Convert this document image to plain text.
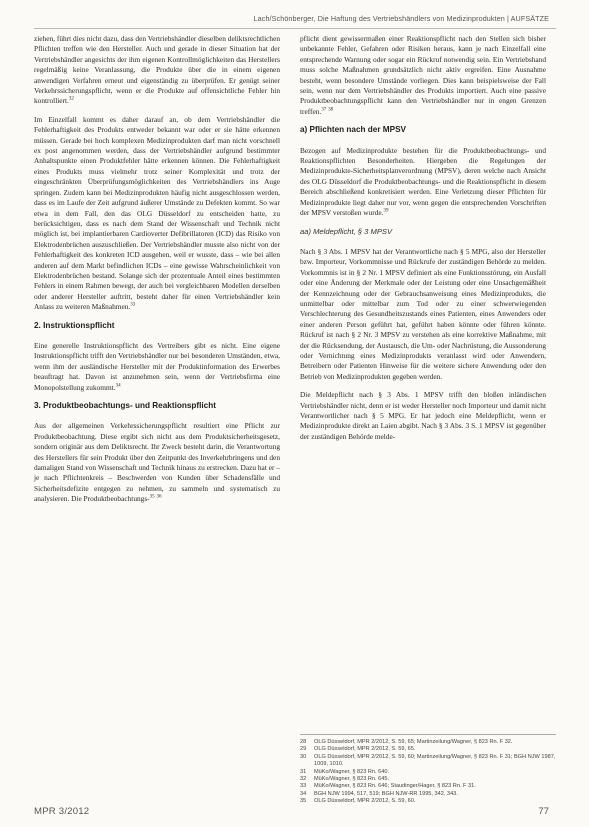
Lach/Schönberger, Die Haftung des Vertriebshändlers von Medizinprodukten | AUFSÄTZE

ziehen, führt dies nicht dazu, dass den Vertriebshändler dieselben deliktsrechtlichen Pflichten treffen wie den Hersteller. Auch und gerade in dieser Situation hat der Vertriebshändler angesichts der ihm eigenen Kontrollmöglichkeiten das Herstellers regelmäßig keine Veranlassung, die Produkte über die in einem eigenen anwendigen Verfahren erneut und eigenständig zu überprüfen. Er genügt seiner Verkehrssicherungspflicht, wenn er die Produkte auf offensichtliche Fehler hin kontrolliert.$^{32}$

Im Einzelfall kommt es daher darauf an, ob dem Vertriebshändler die Fehlerhaftigkeit des Produkts entweder bekannt war oder er sie hätte erkennen müssen. Gerade bei hoch komplexen Medizinprodukten darf man nicht vorschnell ex post angenommen werden, dass der Vertriebshändler aufgrund bestimmter Anhaltspunkte einen Produktfehler hätte erkennen können. Die Fehlerhaftigkeit eines Produkts muss vielmehr trotz seiner Komplexität und trotz der eingeschränkten Überprüfungsmöglichkeiten des Vertriebshändlers ins Auge springen. Zudem kann bei Medizinprodukten häufig nicht ausgeschlossen werden, dass es im Laufe der Zeit aufgrund äußerer Umstände zu Defekten kommt. So war etwa in dem Fall, den das OLG Düsseldorf zu entscheiden hatte, zu berücksichtigen, dass es nach dem Stand der Wissenschaft und Technik nicht möglich ist, bei implantierbaren Cardioverter Defibrillatoren (ICD) das Risiko von Elektrodenbrüchen auszuschließen. Der Vertriebshändler musste also nicht von der Fehlerhaftigkeit des konkreten ICD ausgehen, weil er wusste, dass – wie bei allen anderen auf dem Markt befindlichen ICDs – eine gewisse Wahrscheinlichkeit von Elektrodenbrüchen bestand. Solange sich der prozentuale Anteil eines bestimmten Fehlers in einem Rahmen bewegt, der auch bei vergleichbaren Modellen derselben oder anderer Hersteller auftritt, besteht daher für einen Vertriebshändler kein Anlass zu weiteren Maßnahmen.$^{33}$

2. Instruktionspflicht

Eine generelle Instruktionspflicht des Vertreibers gibt es nicht. Eine eigene Instruktionspflicht trifft den Vertriebshändler nur bei besonderen Umständen, etwa, wenn ihm der ausländische Hersteller mit der Produktinformation des Erwerbes beauftragt hat. Davon ist anzunehmen sein, wenn der Vertriebsfirma eine Monopolstellung zukommt.$^{34}$

3. Produktbeobachtungs- und Reaktionspflicht

Aus der allgemeinen Verkehrssicherungspflicht resultiert eine Pflicht zur Produktbeobachtung. Diese ergibt sich nicht aus dem Produktsicherheitsgesetz, sondern originär aus dem Deliktsrecht. Ihr Zweck besteht darin, die Verantwortung des Herstellers für sein Produkt über den Zeitpunkt des Inverkehrbringens und den damaligen Stand von Wissenschaft und Technik hinaus zu erstrecken. Dazu hat er – je nach Pflichtenkreis – Beschwerden von Kunden über Schadensfälle und Sicherheitsdefizite entgegen zu nehmen, zu sammeln und systematisch zu analysieren. Die Produktbeobachtungs-$^{35}$ $^{36}$

pflicht dient gewissermaßen einer Reaktionspflicht nach den Stellen sich bisher unbekannte Fehler, Gefahren oder Risiken heraus, kann je nach Einzelfall eine entsprechende Warnung oder sogar ein Rückruf notwendig sein. Ein Vertriebshand muss solche Maßnahmen grundsätzlich nicht aktiv ergreifen. Eine Ausnahme besteht, wenn besondere Umstände vorliegen. Dies kann beispielsweise der Fall sein, wenn nur dem Vertriebshändler des Produkts importiert. Auch eine passive Produktbeobachtungspflicht kann den Vertriebshändler nur in engen Grenzen treffen.$^{37}$ $^{38}$

a) Pflichten nach der MPSV

Bezogen auf Medizinprodukte bestehen für die Produktbeobachtungs- und Reaktionspflichten Besonderheiten. Hiergeben die Regelungen der Medizinprodukte-Sicherheitsplanverordnung (MPSV), deren welche nach Ansicht des OLG Düsseldorf die Produktbeobachtungs- und die Reaktionspflicht in diesem Bereich abschließend konkretisiert werden. Eine Verletzung dieser Pflichten für Medizinprodukte liegt daher nur vor, wenn gegen die entsprechenden Vorschriften der MPSV verstoßen wurde.$^{39}$

aa) Meldepflicht, § 3 MPSV

Nach § 3 Abs. 1 MPSV hat der Verantwortliche nach § 5 MPG, also der Hersteller bzw. Importeur, Vorkommnisse und Rückrufe der zuständigen Behörde zu melden. Vorkommnis ist in § 2 Nr. 1 MPSV definiert als eine Funktionsstörung, ein Ausfall oder eine Änderung der Merkmale oder der Leistung oder eine Unsachgemäßheit der Kennzeichnung oder der Gebrauchsanweisung eines Medizinprodukts, die unmittelbar oder mittelbar zum Tod oder zu einer schwerwiegenden Verschlechterung des Gesundheitszustands eines Patienten, eines Anwenders oder einer anderen Person geführt hat, geführt haben könnte oder führen könnte. Rückruf ist nach § 2 Nr. 3 MPSV zu verstehen als eine korrektive Maßnahme, mit der die Rücksendung, der Austausch, die Um- oder Nachrüstung, die Aussonderung oder Vernichtung eines Medizinprodukts veranlasst wird oder Anwendern, Betreibern oder Patienten Hinweise für die weitere sichere Anwendung oder den Betrieb von Medizinprodukten gegeben werden.

Die Meldepflicht nach § 3 Abs. 1 MPSV trifft den bloßen inländischen Vertriebshändler nicht, denn er ist weder Hersteller noch Importeur und damit nicht Verantwortlicher nach § 5 MPG. Er hat jedoch eine Meldepflicht, wenn er Medizinprodukte direkt an Laien abgibt. Nach § 3 Abs. 3 S. 1 MPSV ist gegenüber der zuständigen Behörde melde-

28	OLG Düsseldorf, MPR 2/2012, S. 59, 65; Martinzeilung/Wagner, § 823 Rn. F 32.
29	OLG Düsseldorf, MPR 2/2012, S. 59, 65.
30	OLG Düsseldorf, MPR 2/2012, S. 59, 60; Martinzeilung/Wagner, § 823 Rn. F 31; BGH NJW 1987, 1009, 1010.
31	MüKo/Wagner, § 823 Rn. 640.
32	MüKo/Wagner, § 823 Rn. 645.
33	MüKo/Wagner, § 823 Rn. 646; Staudinger/Hager, § 823 Rn. F 31.
34	BGH NJW 1994, 517, 519; BGH NJW-RR 1995, 342, 343.
35	OLG Düsseldorf, MPR 2/2012, S. 59, 60.
MPR 3/2012	77
